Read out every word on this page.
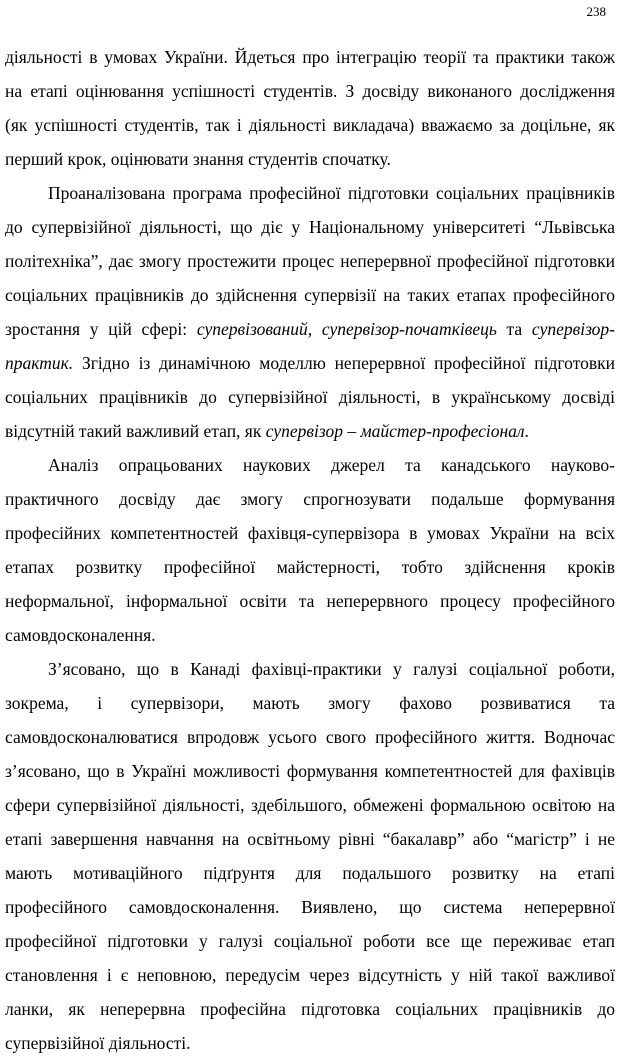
238
діяльності в умовах України. Йдеться про інтеграцію теорії та практики також
на етапі оцінювання успішності студентів. З досвіду виконаного дослідження
(як успішності студентів, так і діяльності викладача) вважаємо за доцільне, як
перший крок, оцінювати знання студентів спочатку.
Проаналізована програма професійної підготовки соціальних працівників
до супервізійної діяльності, що діє у Національному університеті “Львівська
політехніка”, дає змогу простежити процес неперервної професійної підготовки
соціальних працівників до здійснення супервізії на таких етапах професійного
зростання у цій сфері: супервізований, супервізор-початківець та супервізор-
практик. Згідно із динамічною моделлю неперервної професійної підготовки
соціальних працівників до супервізійної діяльності, в українському досвіді
відсутній такий важливий етап, як супервізор – майстер-професіонал.
Аналіз опрацьованих наукових джерел та канадського науково-
практичного досвіду дає змогу спрогнозувати подальше формування
професійних компетентностей фахівця-супервізора в умовах України на всіх
етапах розвитку професійної майстерності, тобто здійснення кроків
неформальної, інформальної освіти та неперервного процесу професійного
самовдосконалення.
З’ясовано, що в Канаді фахівці-практики у галузі соціальної роботи,
зокрема, і супервізори, мають змогу фахово розвиватися та
самовдосконалюватися впродовж усього свого професійного життя. Водночас
з’ясовано, що в Україні можливості формування компетентностей для фахівців
сфери супервізійної діяльності, здебільшого, обмежені формальною освітою на
етапі завершення навчання на освітньому рівні “бакалавр” або “магістр” і не
мають мотиваційного підґрунтя для подальшого розвитку на етапі
професійного самовдосконалення. Виявлено, що система неперервної
професійної підготовки у галузі соціальної роботи все ще переживає етап
становлення і є неповною, передусім через відсутність у ній такої важливої
ланки, як неперервна професійна підготовка соціальних працівників до
супервізійної діяльності.
